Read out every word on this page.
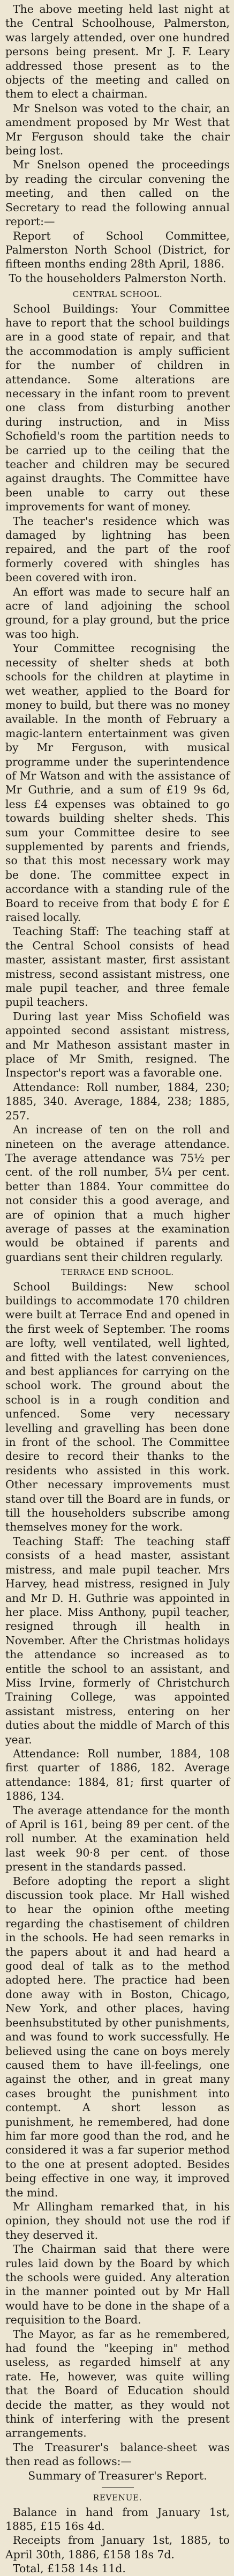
The above meeting held last night at the Central Schoolhouse, Palmerston, was largely attended, over one hundred persons being present. Mr J. F. Leary addressed those present as to the objects of the meeting and called on them to elect a chairman.

Mr Snelson was voted to the chair, an amendment proposed by Mr West that Mr Ferguson should take the chair being lost.

Mr Snelson opened the proceedings by reading the circular convening the meeting, and then called on the Secretary to read the following annual report:—

Report of School Committee, Palmerston North School (District, for fifteen months ending 28th April, 1886.

To the householders Palmerston North.

CENTRAL SCHOOL.

School Buildings: Your Committee have to report that the school buildings are in a good state of repair, and that the accommodation is amply sufficient for the number of children in attendance. Some alterations are necessary in the infant room to prevent one class from disturbing another during instruction, and in Miss Schofield's room the partition needs to be carried up to the ceiling that the teacher and children may be secured against draughts. The Committee have been unable to carry out these improvements for want of money.

The teacher's residence which was damaged by lightning has been repaired, and the part of the roof formerly covered with shingles has been covered with iron.

An effort was made to secure half an acre of land adjoining the school ground, for a play ground, but the price was too high.

Your Committee recognising the necessity of shelter sheds at both schools for the children at playtime in wet weather, applied to the Board for money to build, but there was no money available. In the month of February a magic-lantern entertainment was given by Mr Ferguson, with musical programme under the superintendence of Mr Watson and with the assistance of Mr Guthrie, and a sum of £19 9s 6d, less £4 expenses was obtained to go towards building shelter sheds. This sum your Committee desire to see supplemented by parents and friends, so that this most necessary work may be done. The committee expect in accordance with a standing rule of the Board to receive from that body £ for £ raised locally.

Teaching Staff: The teaching staff at the Central School consists of head master, assistant master, first assistant mistress, second assistant mistress, one male pupil teacher, and three female pupil teachers.

During last year Miss Schofield was appointed second assistant mistress, and Mr Matheson assistant master in place of Mr Smith, resigned. The Inspector's report was a favorable one.

Attendance: Roll number, 1884, 230; 1885, 340. Average, 1884, 238; 1885, 257.

An increase of ten on the roll and nineteen on the average attendance. The average attendance was 75½ per cent. of the roll number, 5¼ per cent. better than 1884. Your committee do not consider this a good average, and are of opinion that a much higher average of passes at the examination would be obtained if parents and guardians sent their children regularly.

TERRACE END SCHOOL.

School Buildings: New school buildings to accommodate 170 children were built at Terrace End and opened in the first week of September. The rooms are lofty, well ventilated, well lighted, and fitted with the latest conveniences, and best appliances for carrying on the school work. The ground about the school is in a rough condition and unfenced. Some very necessary levelling and gravelling has been done in front of the school. The Committee desire to record their thanks to the residents who assisted in this work. Other necessary improvements must stand over till the Board are in funds, or till the householders subscribe among themselves money for the work.

Teaching Staff: The teaching staff consists of a head master, assistant mistress, and male pupil teacher. Mrs Harvey, head mistress, resigned in July and Mr D. H. Guthrie was appointed in her place. Miss Anthony, pupil teacher, resigned through ill health in November. After the Christmas holidays the attendance so increased as to entitle the school to an assistant, and Miss Irvine, formerly of Christchurch Training College, was appointed assistant mistress, entering on her duties about the middle of March of this year.

Attendance: Roll number, 1884, 108 first quarter of 1886, 182. Average attendance: 1884, 81; first quarter of 1886, 134.

The average attendance for the month of April is 161, being 89 per cent. of the roll number. At the examination held last week 90·8 per cent. of those present in the standards passed.

Before adopting the report a slight discussion took place. Mr Hall wished to hear the opinion ofthe meeting regarding the chastisement of children in the schools. He had seen remarks in the papers about it and had heard a good deal of talk as to the method adopted here. The practice had been done away with in Boston, Chicago, New York, and other places, having beenhsubstituted by other punishments, and was found to work successfully. He believed using the cane on boys merely caused them to have ill-feelings, one against the other, and in great many cases brought the punishment into contempt. A short lesson as punishment, he remembered, had done him far more good than the rod, and he considered it was a far superior method to the one at present adopted. Besides being effective in one way, it improved the mind.

Mr Allingham remarked that, in his opinion, they should not use the rod if they deserved it.

The Chairman said that there were rules laid down by the Board by which the schools were guided. Any alteration in the manner pointed out by Mr Hall would have to be done in the shape of a requisition to the Board.

The Mayor, as far as he remembered, had found the "keeping in" method useless, as regarded himself at any rate. He, however, was quite willing that the Board of Education should decide the matter, as they would not think of interfering with the present arrangements.

The Treasurer's balance-sheet was then read as follows:—

Summary of Treasurer's Report.

REVENUE.

Balance in hand from January 1st, 1885, £15 16s 4d.

Receipts from January 1st, 1885, to April 30th, 1886, £158 18s 7d.

Total, £158 14s 11d.
